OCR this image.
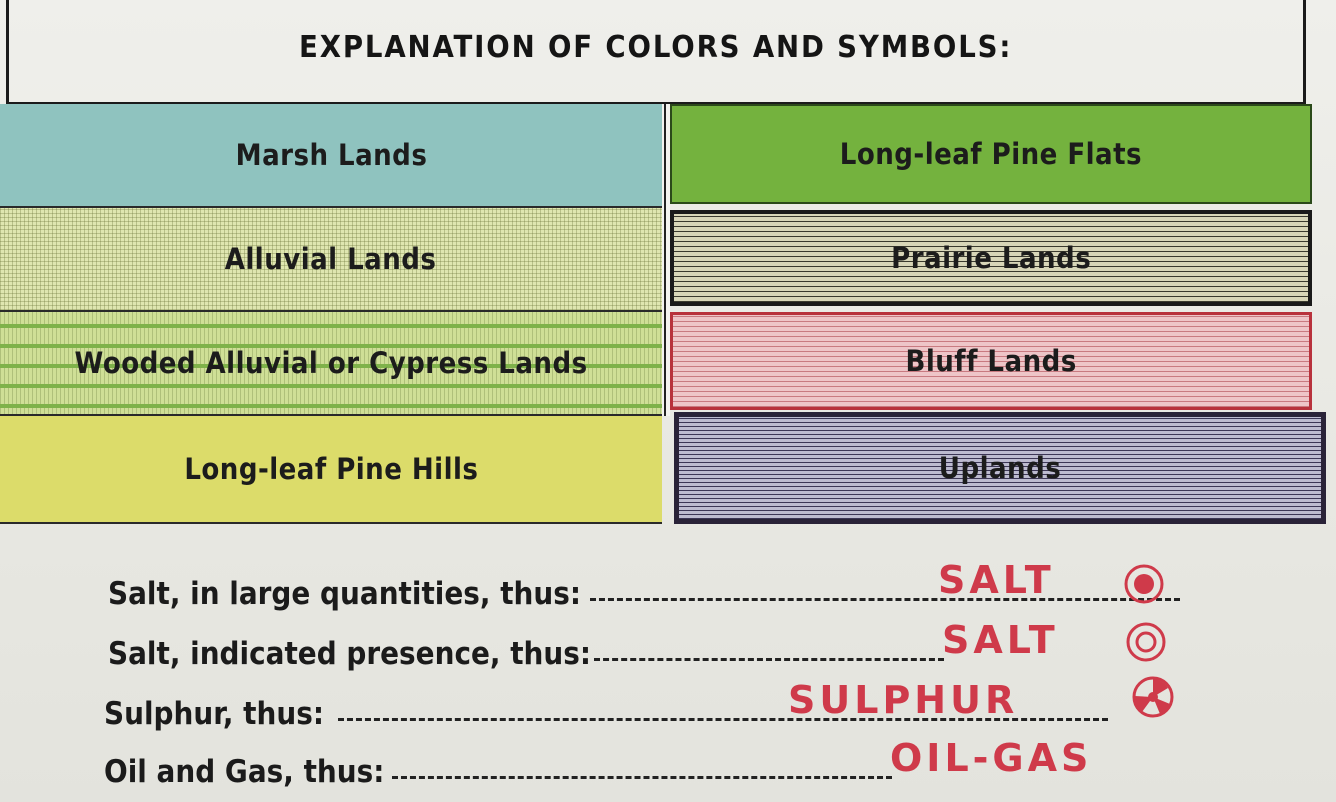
EXPLANATION OF COLORS AND SYMBOLS:
Marsh Lands
Alluvial Lands
Wooded Alluvial or Cypress Lands
Long-leaf Pine Hills
Long-leaf Pine Flats
Prairie Lands
Bluff Lands
Uplands
Salt, in large quantities, thus:	SALT
Salt, indicated presence, thus:	SALT
Sulphur, thus:	SULPHUR
Oil and Gas, thus:	OIL-GAS
